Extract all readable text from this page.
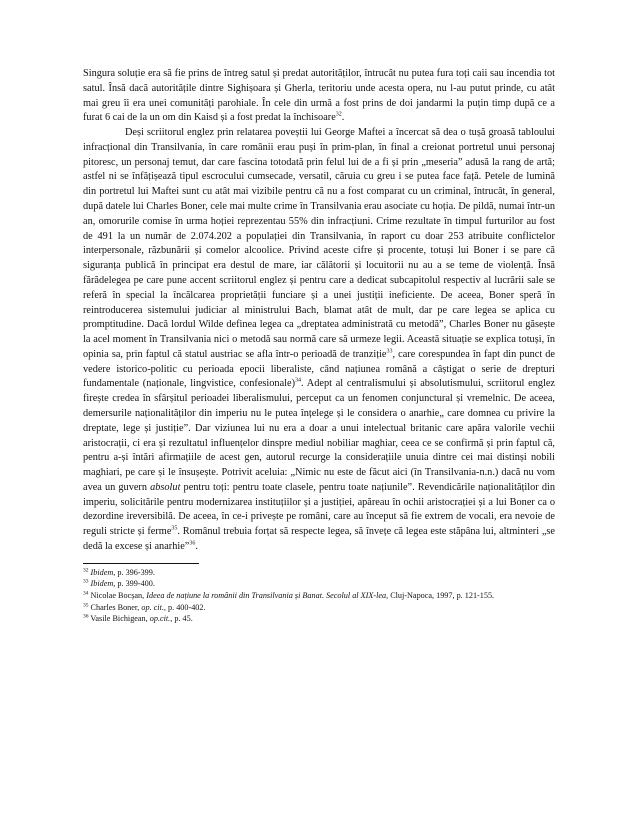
Singura soluție era să fie prins de întreg satul și predat autorităților, întrucât nu putea fura toți caii sau incendia tot satul. Însă dacă autoritățile dintre Sighișoara și Gherla, teritoriu unde acesta opera, nu l-au putut prinde, cu atât mai greu îi era unei comunități parohiale. În cele din urmă a fost prins de doi jandarmi la puțin timp după ce a furat 6 cai de la un om din Kaisd și a fost predat la închisoare$^{32}$.

Deși scriitorul englez prin relatarea poveștii lui George Maftei a încercat să dea o tușă groasă tabloului infracțional din Transilvania, în care românii erau puși în prim-plan, în final a creionat portretul unui personaj pitoresc, un personaj temut, dar care fascina totodată prin felul lui de a fi și prin „meseria” adusă la rang de artă; astfel ni se înfățișează tipul escrocului cumsecade, versatil, căruia cu greu i se putea face față. Petele de lumină din portretul lui Maftei sunt cu atât mai vizibile pentru că nu a fost comparat cu un criminal, întrucât, în general, după datele lui Charles Boner, cele mai multe crime în Transilvania erau asociate cu hoția. De pildă, numai într-un an, omorurile comise în urma hoției reprezentau 55% din infracțiuni. Crime rezultate în timpul furturilor au fost de 491 la un număr de 2.074.202 a populației din Transilvania, în raport cu doar 253 atribuite conflictelor interpersonale, răzbunării și comelor alcoolice. Privind aceste cifre și procente, totuși lui Boner i se pare că siguranța publică în principat era destul de mare, iar călătorii și locuitorii nu au a se teme de violență. Însă fărădelegea pe care pune accent scriitorul englez și pentru care a dedicat subcapitolul respectiv al lucrării sale se referă în special la încălcarea proprietății funciare și a unei justiții ineficiente. De aceea, Boner speră în reintroducerea sistemului judiciar al ministrului Bach, blamat atât de mult, dar pe care legea se aplica cu promptitudine. Dacă lordul Wilde definea legea ca „dreptatea administrată cu metodă”, Charles Boner nu găsește la acel moment în Transilvania nici o metodă sau normă care să urmeze legii. Această situație se explica totuși, în opinia sa, prin faptul că statul austriac se afla într-o perioadă de tranziție$^{33}$, care corespundea în fapt din punct de vedere istorico-politic cu perioada epocii liberaliste, când națiunea română a câștigat o serie de drepturi fundamentale (naționale, lingvistice, confesionale)$^{34}$. Adept al centralismului și absolutismului, scriitorul englez firește credea în sfârșitul perioadei liberalismului, perceput ca un fenomen conjunctural și vremelnic. De aceea, demersurile naționalităților din imperiu nu le putea înțelege și le considera o anarhie„ care domnea cu privire la dreptate, lege și justiție”. Dar viziunea lui nu era a doar a unui intelectual britanic care apăra valorile vechii aristocrații, ci era și rezultatul influențelor dinspre mediul nobiliar maghiar, ceea ce se confirmă și prin faptul că, pentru a-și întări afirmațiile de acest gen, autorul recurge la considerațiile unuia dintre cei mai distinși nobili maghiari, pe care și le însușește. Potrivit aceluia: „Nimic nu este de făcut aici (în Transilvania-n.n.) dacă nu vom avea un guvern absolut pentru toți: pentru toate clasele, pentru toate națiunile”. Revendicările naționalităților din imperiu, solicitările pentru modernizarea instituțiilor și a justiției, apăreau în ochii aristocrației și a lui Boner ca o dezordine ireversibilă. De aceea, în ce-i privește pe români, care au început să fie extrem de vocali, era nevoie de reguli stricte și ferme$^{35}$. Românul trebuia forțat să respecte legea, să învețe că legea este stăpâna lui, altminteri „se dedă la excese și anarhie”$^{36}$.

$^{32}$ Ibidem, p. 396-399.

$^{33}$ Ibidem, p. 399-400.

$^{34}$ Nicolae Bocșan, Ideea de națiune la românii din Transilvania și Banat. Secolul al XIX-lea, Cluj-Napoca, 1997, p. 121-155.

$^{35}$ Charles Boner, op. cit., p. 400-402.

$^{36}$ Vasile Bichigean, op.cit., p. 45.
